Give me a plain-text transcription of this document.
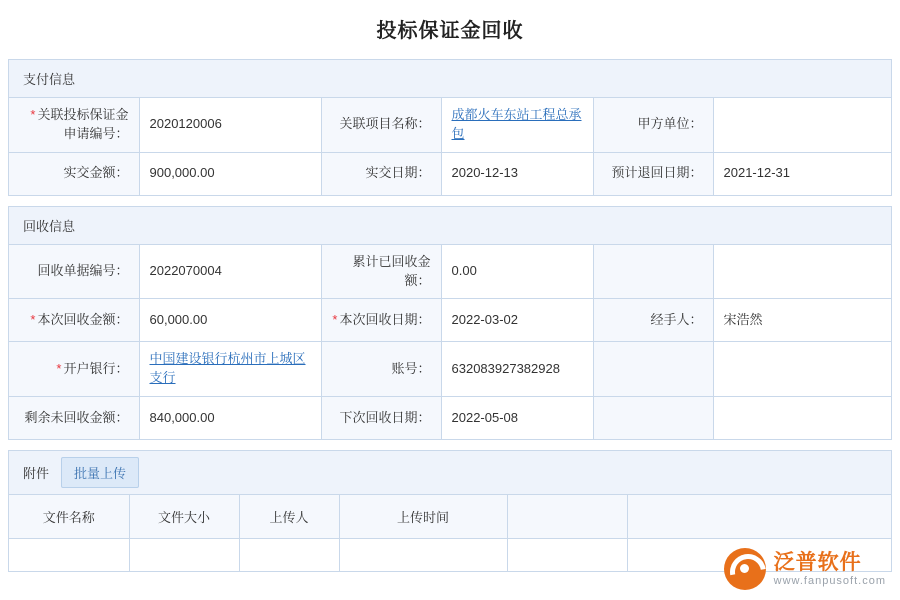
投标保证金回收
支付信息
* 关联投标保证金申请编号：	2020120006	关联项目名称：	成都火车东站工程总承包	甲方单位：	
实交金额：	900,000.00	实交日期：	2020-12-13	预计退回日期：	2021-12-31
回收信息
回收单据编号：	2022070004	累计已回收金额：	0.00		
* 本次回收金额：	60,000.00	* 本次回收日期：	2022-03-02	经手人：	宋浩然
* 开户银行：	中国建设银行杭州市上城区支行	账号：	632083927382928		
剩余未回收金额：	840,000.00	下次回收日期：	2022-05-08		
附件	批量上传
文件名称	文件大小	上传人	上传时间		

泛普软件
www.fanpusoft.com
